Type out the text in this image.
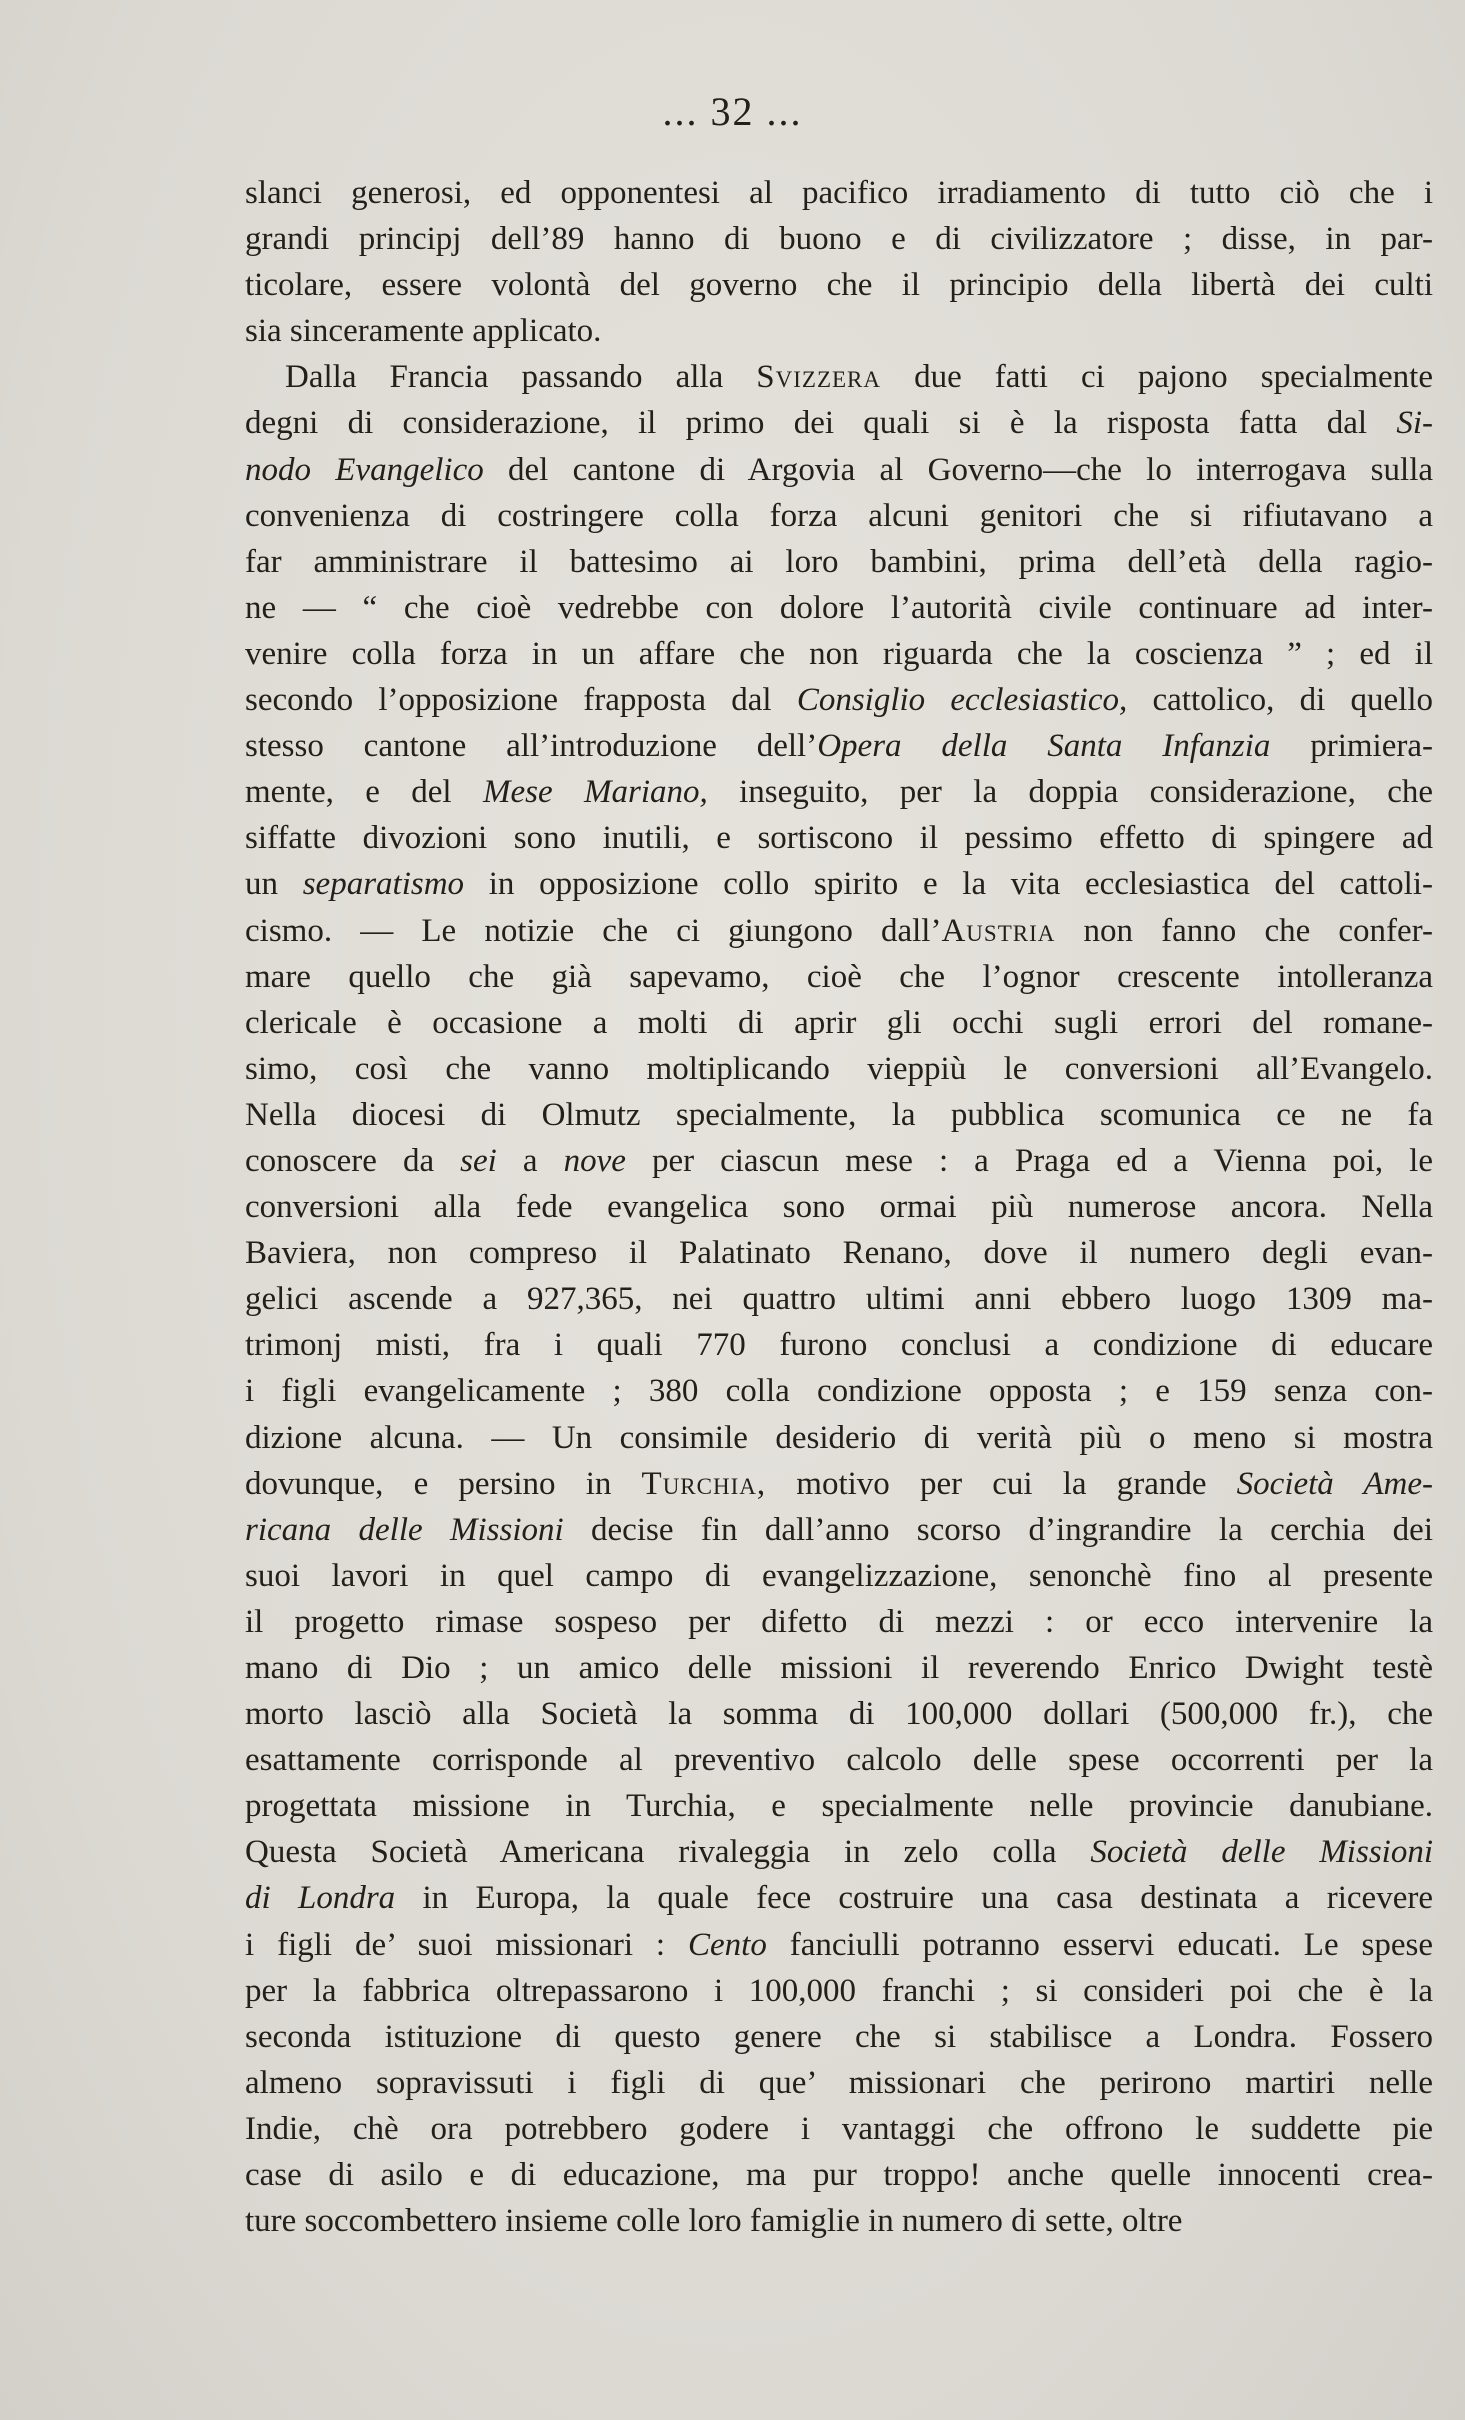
... 32 ...
slanci generosi, ed opponentesi al pacifico irradiamento di tutto ciò che i
grandi principj dell’89 hanno di buono e di civilizzatore ; disse, in par-
ticolare, essere volontà del governo che il principio della libertà dei culti
sia sinceramente applicato.
Dalla Francia passando alla Svizzera due fatti ci pajono specialmente
degni di considerazione, il primo dei quali si è la risposta fatta dal Si-
nodo Evangelico del cantone di Argovia al Governo—che lo interrogava sulla
convenienza di costringere colla forza alcuni genitori che si rifiutavano a
far amministrare il battesimo ai loro bambini, prima dell’età della ragio-
ne — “ che cioè vedrebbe con dolore l’autorità civile continuare ad inter-
venire colla forza in un affare che non riguarda che la coscienza ” ; ed il
secondo l’opposizione frapposta dal Consiglio ecclesiastico, cattolico, di quello
stesso cantone all’introduzione dell’Opera della Santa Infanzia primiera-
mente, e del Mese Mariano, inseguito, per la doppia considerazione, che
siffatte divozioni sono inutili, e sortiscono il pessimo effetto di spingere ad
un separatismo in opposizione collo spirito e la vita ecclesiastica del cattoli-
cismo. — Le notizie che ci giungono dall’Austria non fanno che confer-
mare quello che già sapevamo, cioè che l’ognor crescente intolleranza
clericale è occasione a molti di aprir gli occhi sugli errori del romane-
simo, così che vanno moltiplicando vieppiù le conversioni all’Evangelo.
Nella diocesi di Olmutz specialmente, la pubblica scomunica ce ne fa
conoscere da sei a nove per ciascun mese : a Praga ed a Vienna poi, le
conversioni alla fede evangelica sono ormai più numerose ancora. Nella
Baviera, non compreso il Palatinato Renano, dove il numero degli evan-
gelici ascende a 927,365, nei quattro ultimi anni ebbero luogo 1309 ma-
trimonj misti, fra i quali 770 furono conclusi a condizione di educare
i figli evangelicamente ; 380 colla condizione opposta ; e 159 senza con-
dizione alcuna. — Un consimile desiderio di verità più o meno si mostra
dovunque, e persino in Turchia, motivo per cui la grande Società Ame-
ricana delle Missioni decise fin dall’anno scorso d’ingrandire la cerchia dei
suoi lavori in quel campo di evangelizzazione, senonchè fino al presente
il progetto rimase sospeso per difetto di mezzi : or ecco intervenire la
mano di Dio ; un amico delle missioni il reverendo Enrico Dwight testè
morto lasciò alla Società la somma di 100,000 dollari (500,000 fr.), che
esattamente corrisponde al preventivo calcolo delle spese occorrenti per la
progettata missione in Turchia, e specialmente nelle provincie danubiane.
Questa Società Americana rivaleggia in zelo colla Società delle Missioni
di Londra in Europa, la quale fece costruire una casa destinata a ricevere
i figli de’ suoi missionari : Cento fanciulli potranno esservi educati. Le spese
per la fabbrica oltrepassarono i 100,000 franchi ; si consideri poi che è la
seconda istituzione di questo genere che si stabilisce a Londra. Fossero
almeno sopravissuti i figli di que’ missionari che perirono martiri nelle
Indie, chè ora potrebbero godere i vantaggi che offrono le suddette pie
case di asilo e di educazione, ma pur troppo! anche quelle innocenti crea-
ture soccombettero insieme colle loro famiglie in numero di sette, oltre
